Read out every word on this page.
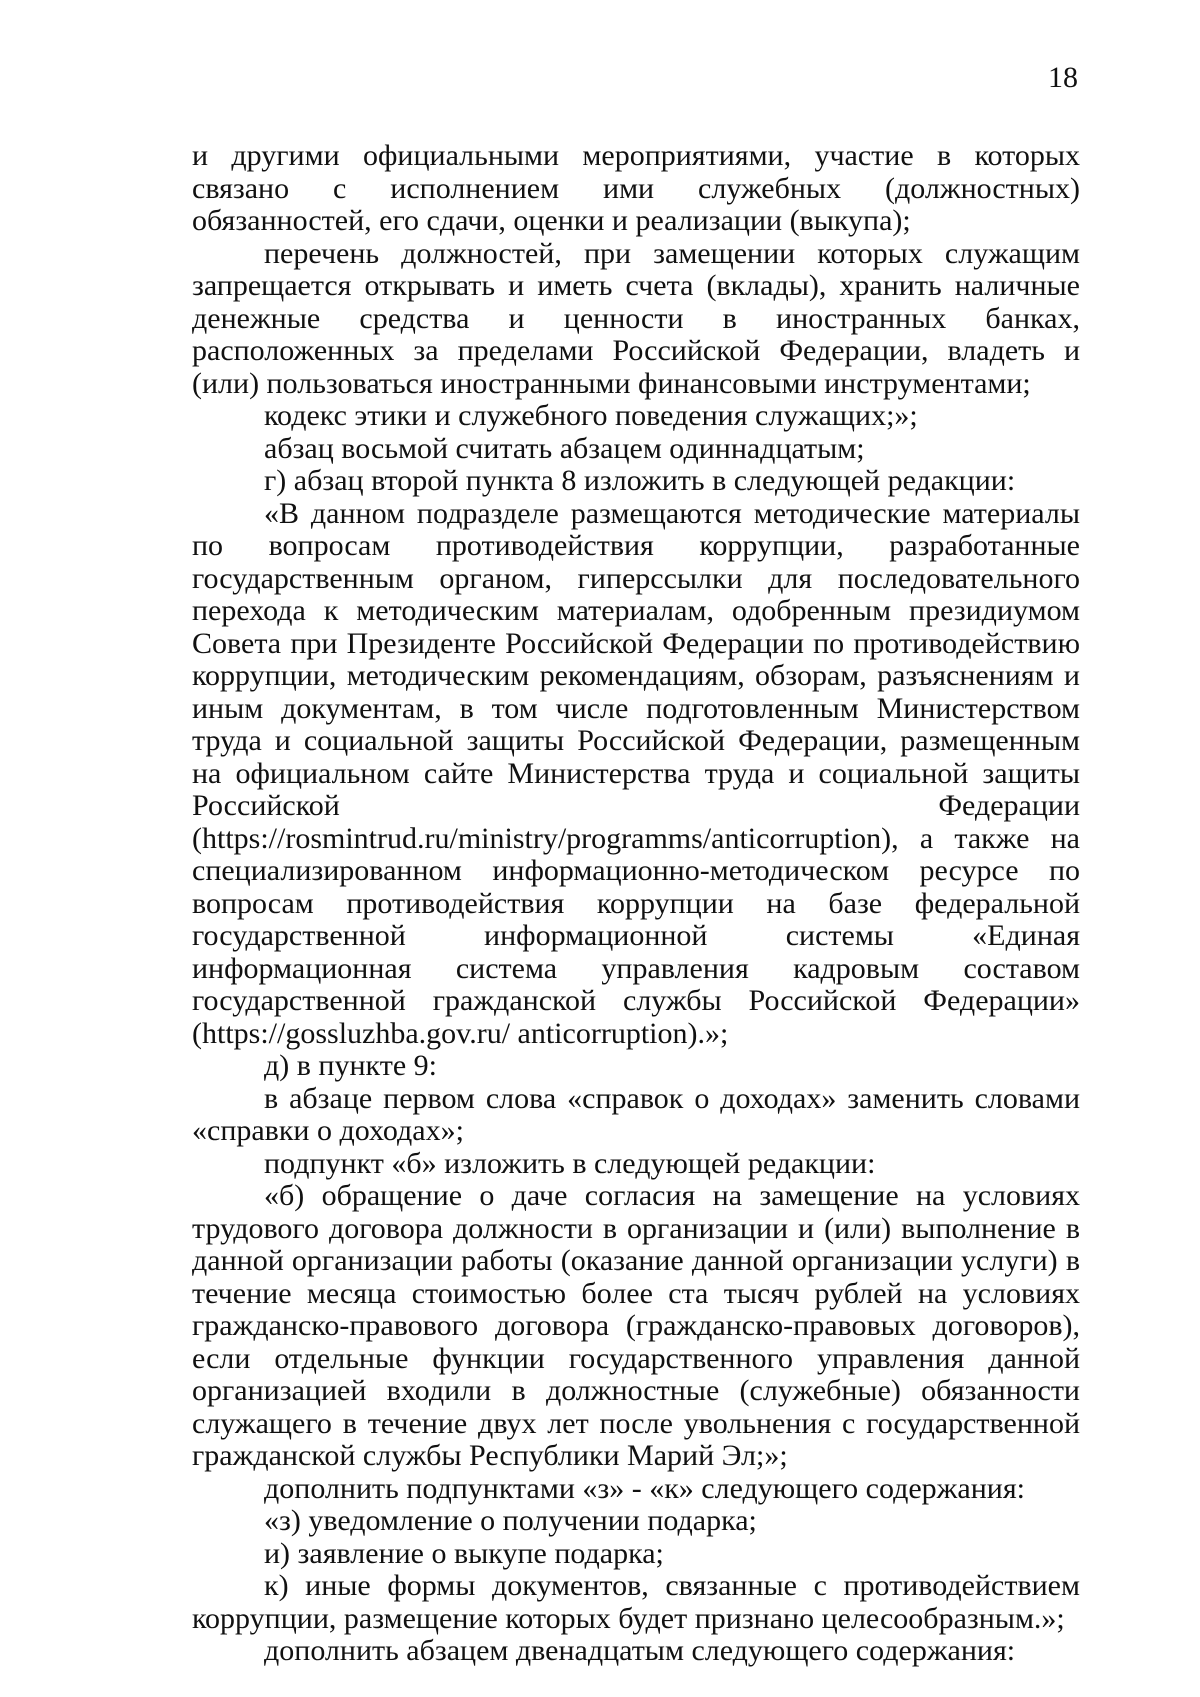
18

и другими официальными мероприятиями, участие в которых связано с исполнением ими служебных (должностных) обязанностей, его сдачи, оценки и реализации (выкупа);

перечень должностей, при замещении которых служащим запрещается открывать и иметь счета (вклады), хранить наличные денежные средства и ценности в иностранных банках, расположенных за пределами Российской Федерации, владеть и (или) пользоваться иностранными финансовыми инструментами;

кодекс этики и служебного поведения служащих;»;

абзац восьмой считать абзацем одиннадцатым;

г) абзац второй пункта 8 изложить в следующей редакции:

«В данном подразделе размещаются методические материалы по вопросам противодействия коррупции, разработанные государственным органом, гиперссылки для последовательного перехода к методическим материалам, одобренным президиумом Совета при Президенте Российской Федерации по противодействию коррупции, методическим рекомендациям, обзорам, разъяснениям и иным документам, в том числе подготовленным Министерством труда и социальной защиты Российской Федерации, размещенным на официальном сайте Министерства труда и социальной защиты Российской Федерации (https://rosmintrud.ru/ministry/programms/anticorruption), а также на специализированном информационно-методическом ресурсе по вопросам противодействия коррупции на базе федеральной государственной информационной системы «Единая информационная система управления кадровым составом государственной гражданской службы Российской Федерации» (https://gossluzhba.gov.ru/ anticorruption).»;

д) в пункте 9:

в абзаце первом слова «справок о доходах» заменить словами «справки о доходах»;

подпункт «б» изложить в следующей редакции:

«б) обращение о даче согласия на замещение на условиях трудового договора должности в организации и (или) выполнение в данной организации работы (оказание данной организации услуги) в течение месяца стоимостью более ста тысяч рублей на условиях гражданско-правового договора (гражданско-правовых договоров), если отдельные функции государственного управления данной организацией входили в должностные (служебные) обязанности служащего в течение двух лет после увольнения с государственной гражданской службы Республики Марий Эл;»;

дополнить подпунктами «з» - «к» следующего содержания:

«з) уведомление о получении подарка;

и) заявление о выкупе подарка;

к) иные формы документов, связанные с противодействием коррупции, размещение которых будет признано целесообразным.»;

дополнить абзацем двенадцатым следующего содержания:
